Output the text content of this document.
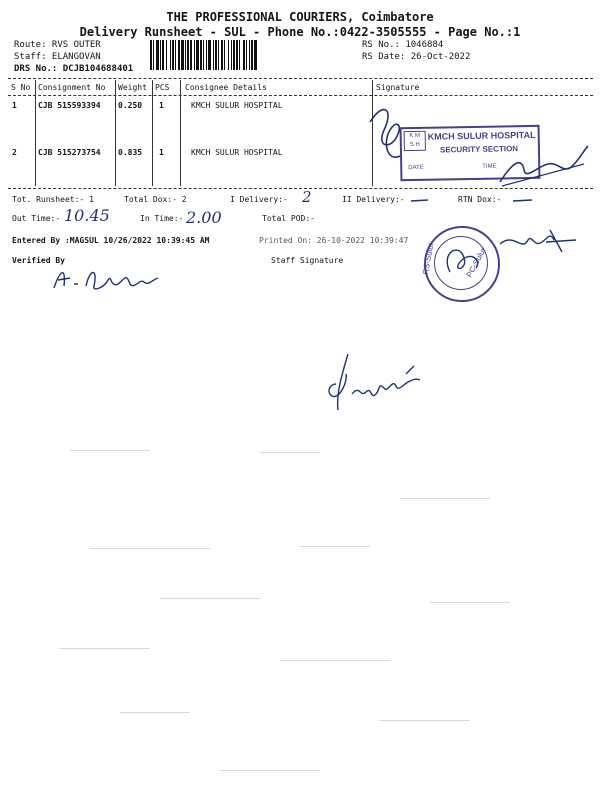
THE PROFESSIONAL COURIERS, Coimbatore
Delivery Runsheet - SUL - Phone No.:0422-3505555 - Page No.:1
Route: RVS OUTER
Staff: ELANGOVAN
DRS No.: DCJB104688401
RS No.: 1046884
RS Date: 26-Oct-2022
S No Consignment No Weight PCS Consignee Details	Signature
1	CJB 515593394 0.250 1	KMCH SULUR HOSPITAL
2	CJB 515273754 0.835 1	KMCH SULUR HOSPITAL
K M
S H
KMCH SULUR HOSPITAL
SECURITY SECTION
DATE	TIME
Tot. Runsheet:- 1	Total Dox:- 2	I Delivery:- 2	II Delivery:-	RTN Dox:-
Out Time:- 10.45	In Time:- 2.00	Total POD:-
Entered By :MAGSUL 10/26/2022 10:39:45 AM	Printed On: 26-10-2022 10:39:47
Verified By	Staff Signature	PC-Sulur
RS-Sulur
